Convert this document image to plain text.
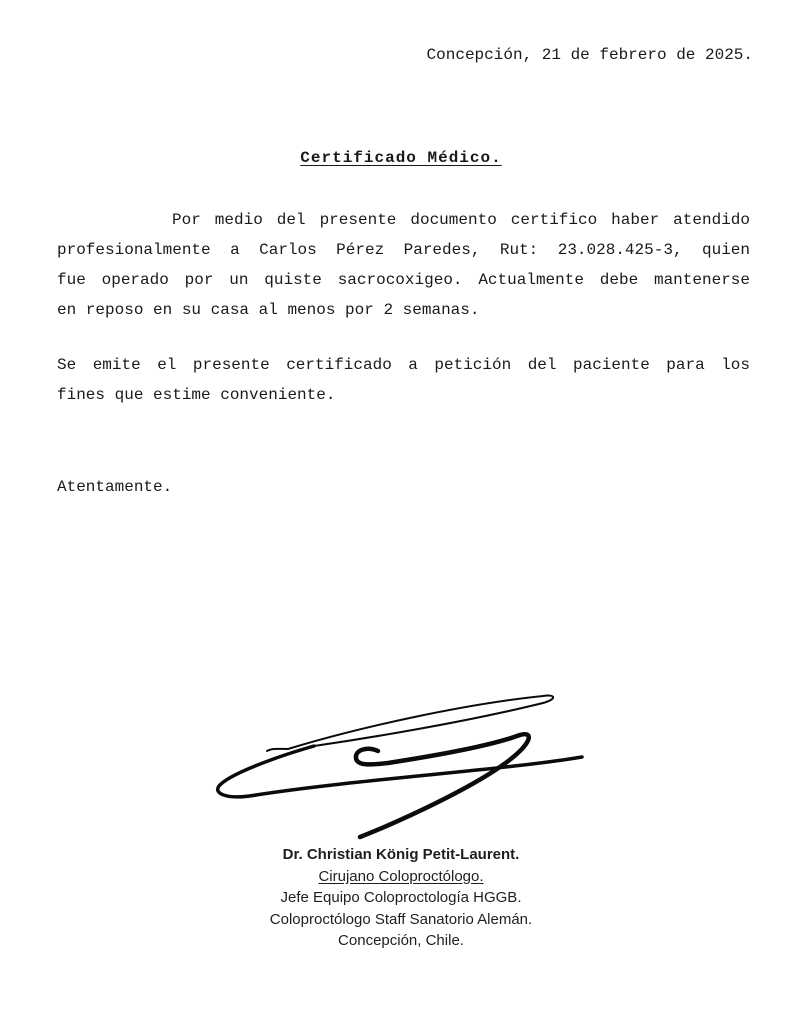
Concepción, 21 de febrero de 2025.
Certificado Médico.
Por medio del presente documento certifico haber atendido
profesionalmente a Carlos Pérez Paredes, Rut: 23.028.425-3, quien
fue operado por un quiste sacrocoxigeo. Actualmente debe mantenerse
en reposo en su casa al menos por 2 semanas.
Se emite el presente certificado a petición del paciente para los
fines que estime conveniente.
Atentamente.
Dr. Christian König Petit-Laurent.
Cirujano Coloproctólogo.
Jefe Equipo Coloproctología HGGB.
Coloproctólogo Staff Sanatorio Alemán.
Concepción, Chile.
